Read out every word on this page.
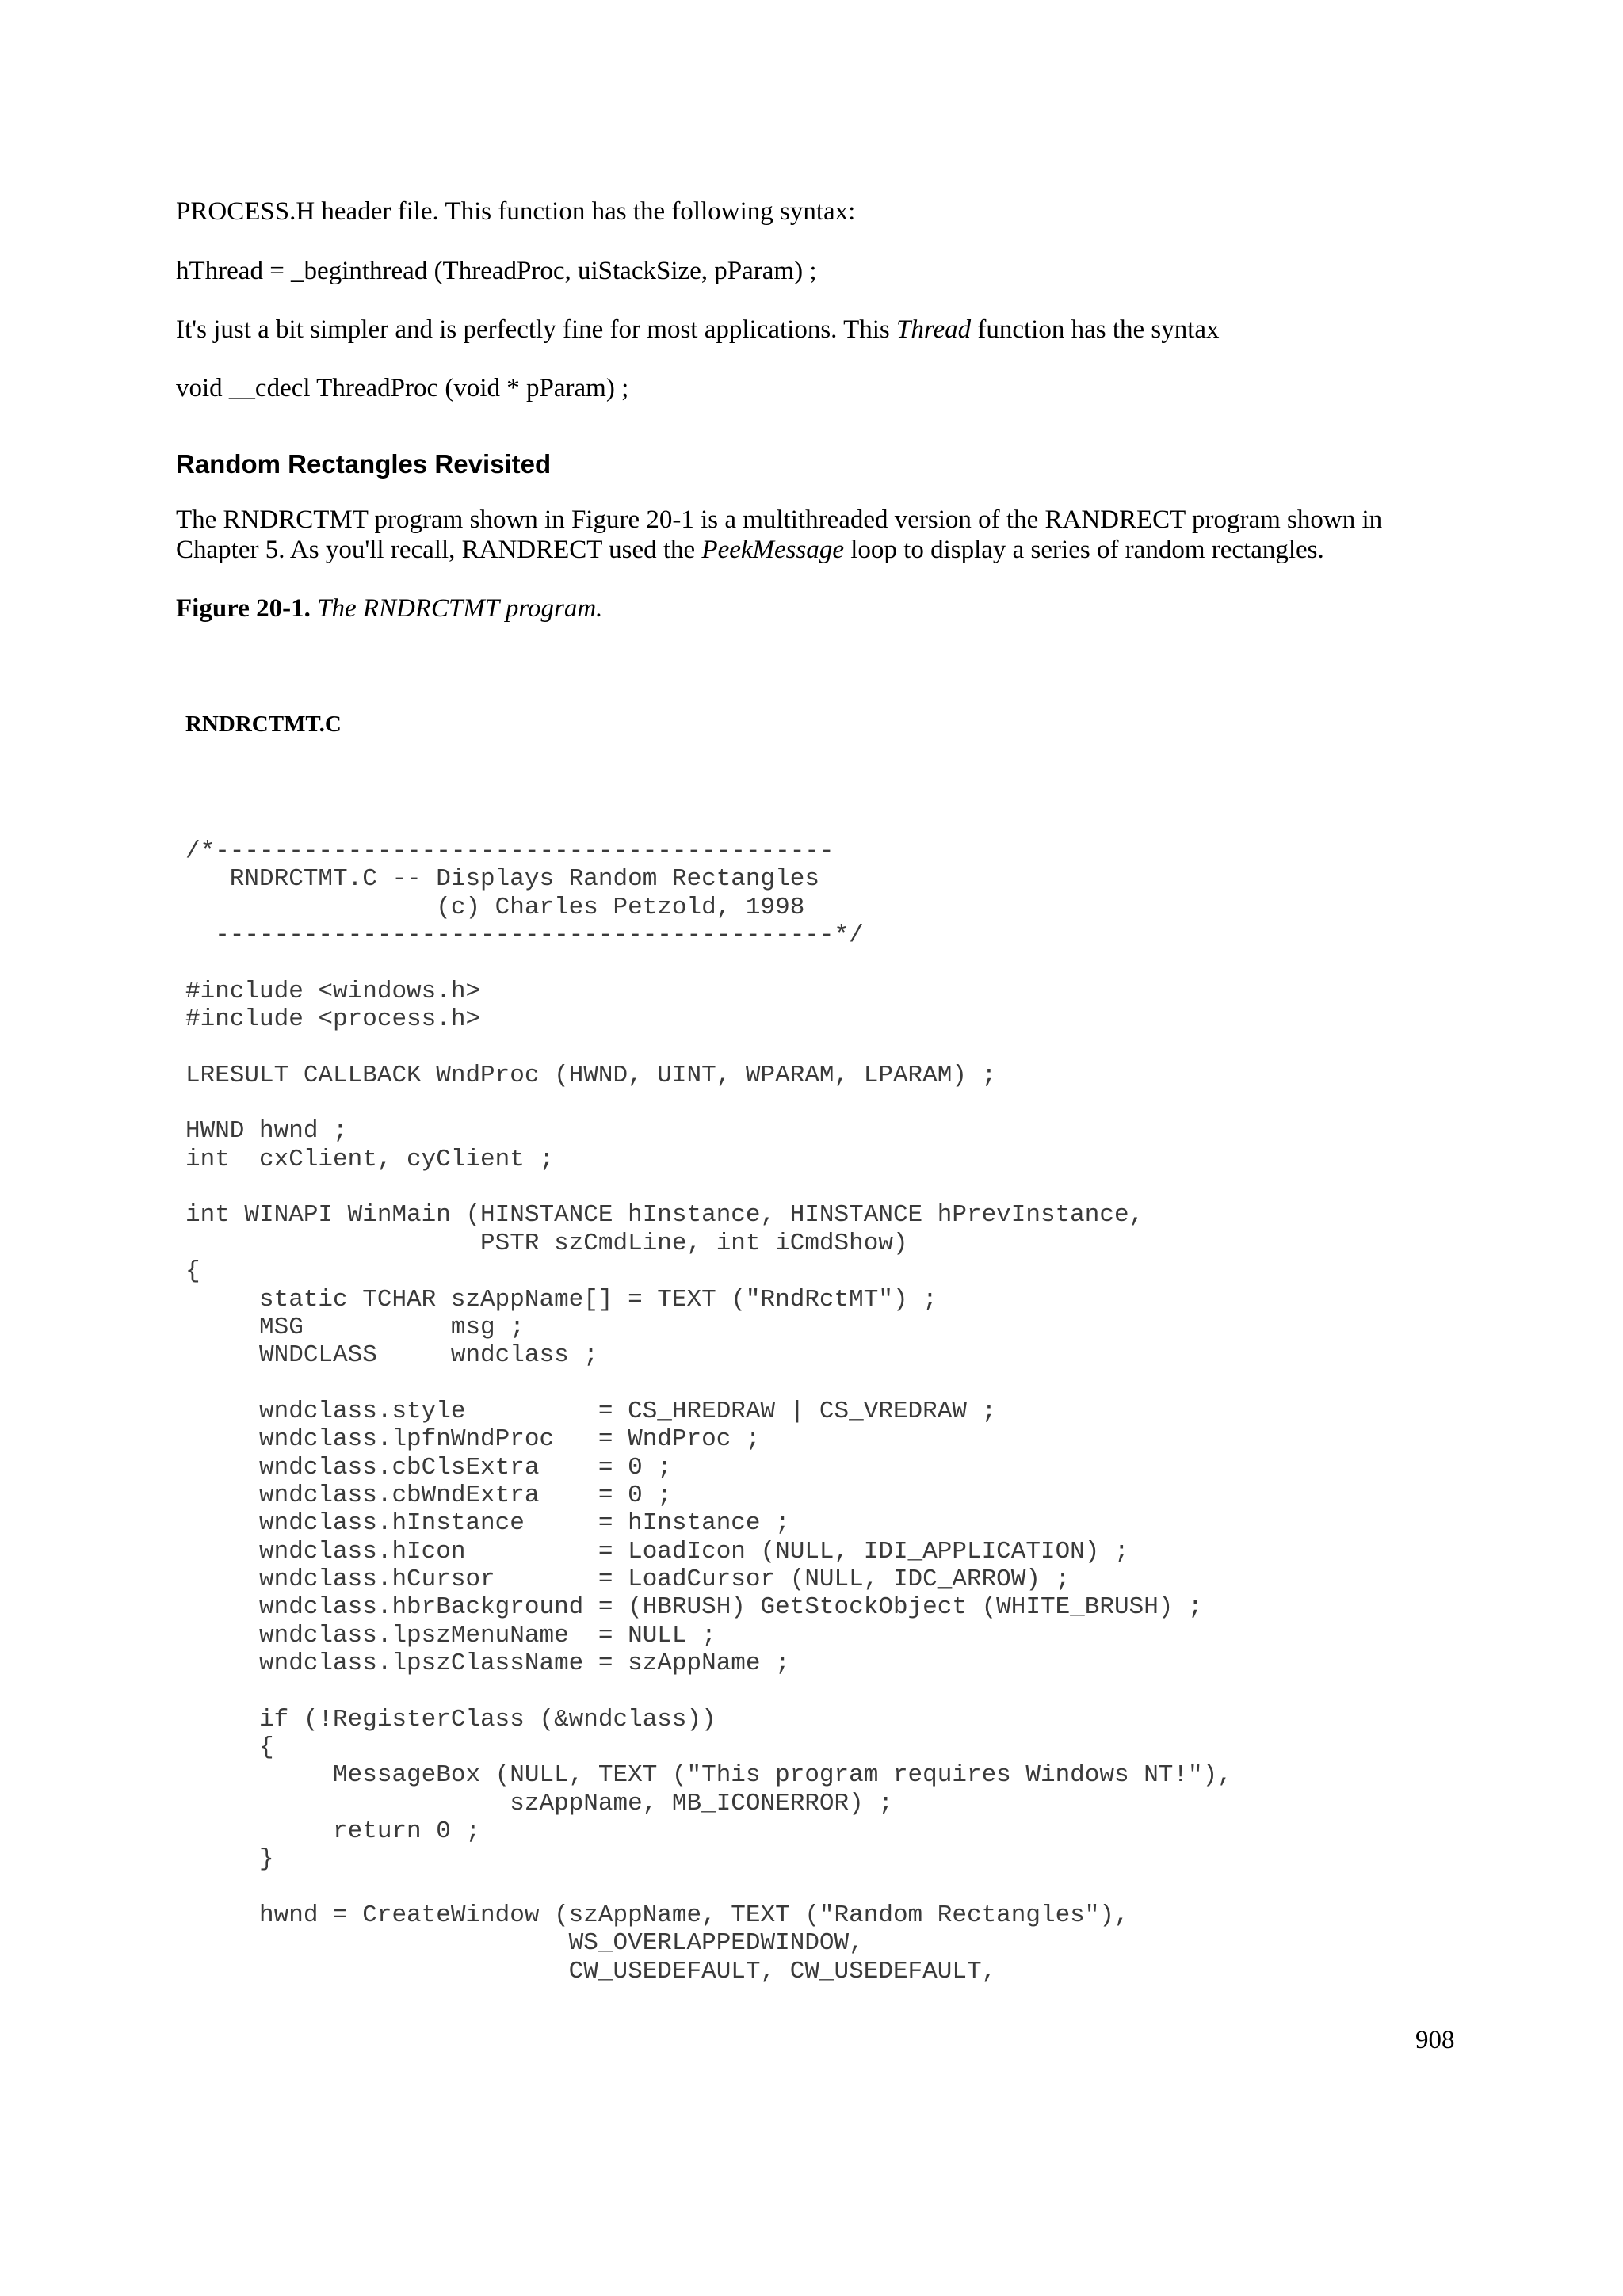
PROCESS.H header file. This function has the following syntax:

hThread = _beginthread (ThreadProc, uiStackSize, pParam) ;

It's just a bit simpler and is perfectly fine for most applications. This Thread function has the syntax

void __cdecl ThreadProc (void * pParam) ;

Random Rectangles Revisited

The RNDRCTMT program shown in Figure 20-1 is a multithreaded version of the RANDRECT program shown in Chapter 5. As you'll recall, RANDRECT used the PeekMessage loop to display a series of random rectangles.

Figure 20-1. The RNDRCTMT program.

RNDRCTMT.C

/*------------------------------------------
RNDRCTMT.C -- Displays Random Rectangles
(c) Charles Petzold, 1998
------------------------------------------*/
#include <windows.h>
#include <process.h>
LRESULT CALLBACK WndProc (HWND, UINT, WPARAM, LPARAM) ;
HWND hwnd ;
int  cxClient, cyClient ;
int WINAPI WinMain (HINSTANCE hInstance, HINSTANCE hPrevInstance,
PSTR szCmdLine, int iCmdShow)
{
static TCHAR szAppName[] = TEXT ("RndRctMT") ;
MSG          msg ;
WNDCLASS     wndclass ;
wndclass.style         = CS_HREDRAW | CS_VREDRAW ;
wndclass.lpfnWndProc   = WndProc ;
wndclass.cbClsExtra    = 0 ;
wndclass.cbWndExtra    = 0 ;
wndclass.hInstance     = hInstance ;
wndclass.hIcon         = LoadIcon (NULL, IDI_APPLICATION) ;
wndclass.hCursor       = LoadCursor (NULL, IDC_ARROW) ;
wndclass.hbrBackground = (HBRUSH) GetStockObject (WHITE_BRUSH) ;
wndclass.lpszMenuName  = NULL ;
wndclass.lpszClassName = szAppName ;
if (!RegisterClass (&wndclass))
{
MessageBox (NULL, TEXT ("This program requires Windows NT!"),
szAppName, MB_ICONERROR) ;
return 0 ;
}
hwnd = CreateWindow (szAppName, TEXT ("Random Rectangles"),
WS_OVERLAPPEDWINDOW,
CW_USEDEFAULT, CW_USEDEFAULT,

908
